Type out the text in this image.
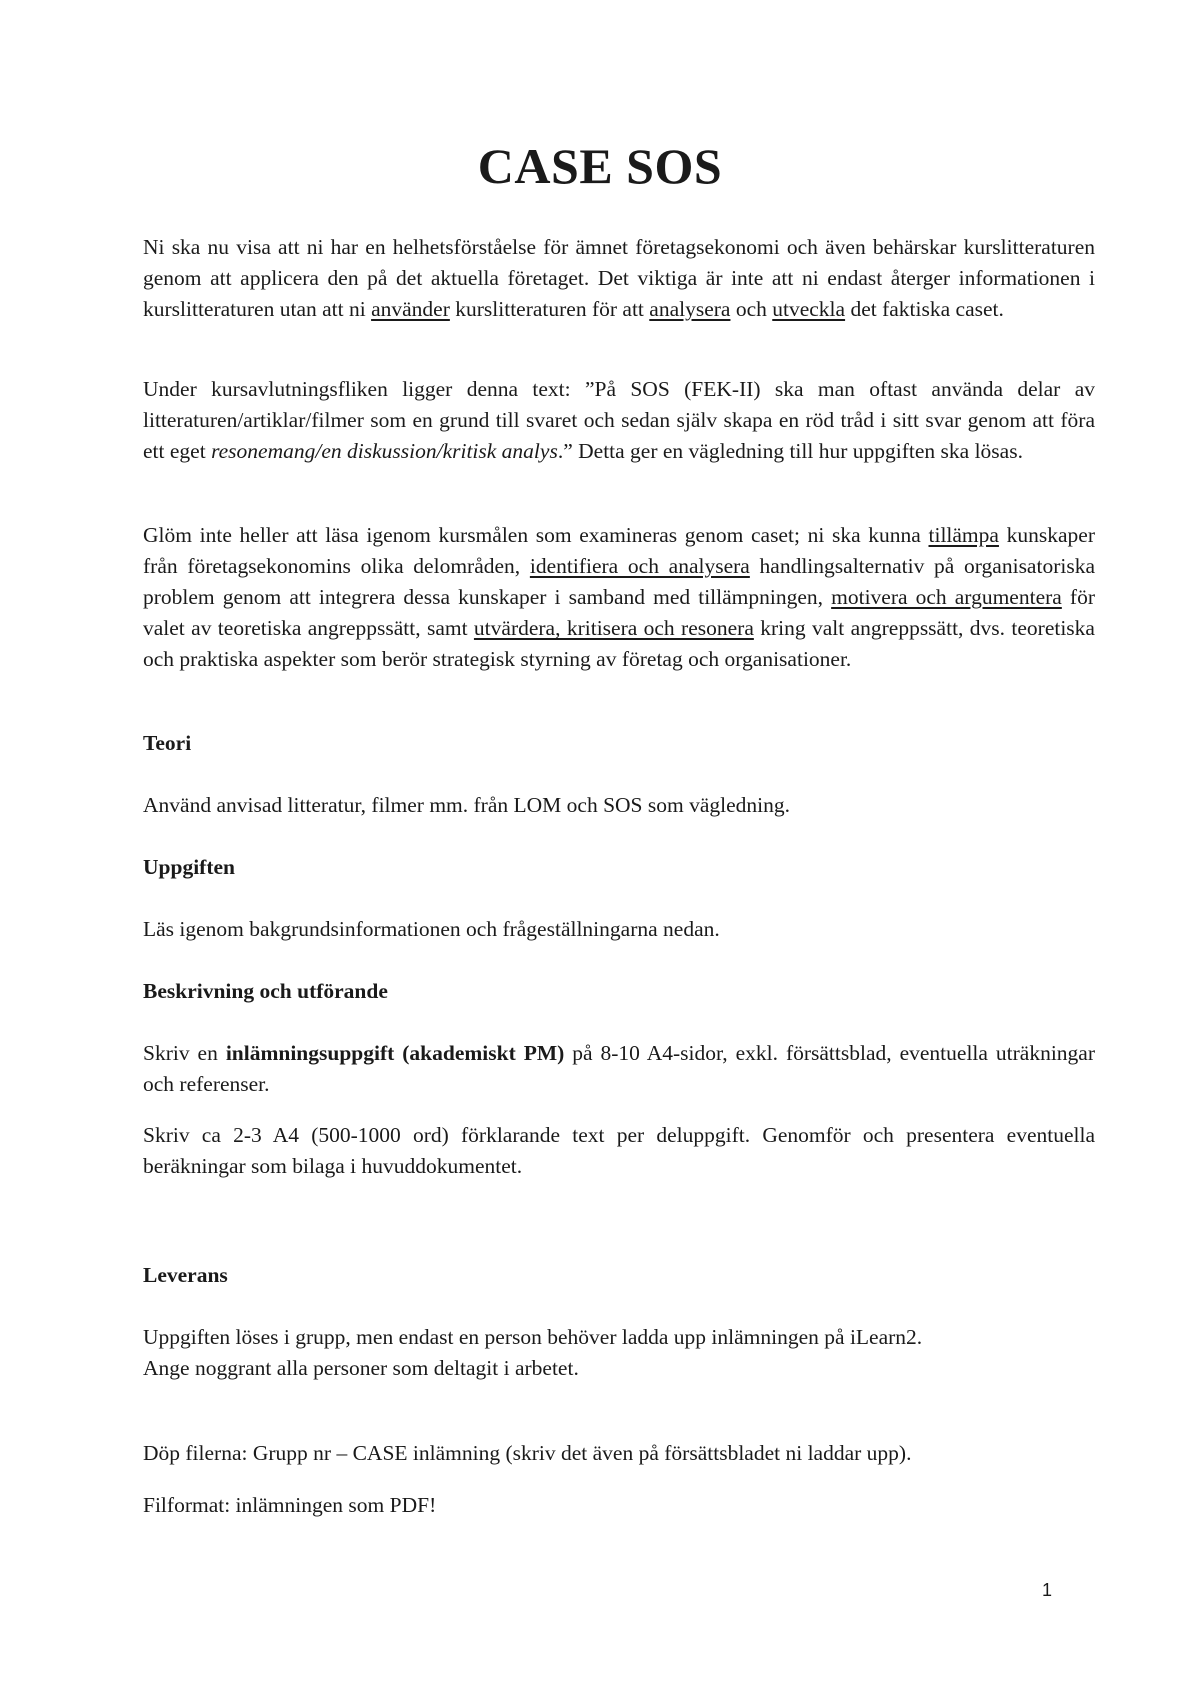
CASE SOS

Ni ska nu visa att ni har en helhetsförståelse för ämnet företagsekonomi och även behärskar kurslitteraturen genom att applicera den på det aktuella företaget. Det viktiga är inte att ni endast återger informationen i kurslitteraturen utan att ni använder kurslitteraturen för att analysera och utveckla det faktiska caset.

Under kursavlutningsfliken ligger denna text: ”På SOS (FEK-II) ska man oftast använda delar av litteraturen/artiklar/filmer som en grund till svaret och sedan själv skapa en röd tråd i sitt svar genom att föra ett eget resonemang/en diskussion/kritisk analys.” Detta ger en vägledning till hur uppgiften ska lösas.

Glöm inte heller att läsa igenom kursmålen som examineras genom caset; ni ska kunna tillämpa kunskaper från företagsekonomins olika delområden, identifiera och analysera handlingsalternativ på organisatoriska problem genom att integrera dessa kunskaper i samband med tillämpningen, motivera och argumentera för valet av teoretiska angreppssätt, samt utvärdera, kritisera och resonera kring valt angreppssätt, dvs. teoretiska och praktiska aspekter som berör strategisk styrning av företag och organisationer.

Teori

Använd anvisad litteratur, filmer mm. från LOM och SOS som vägledning.

Uppgiften

Läs igenom bakgrundsinformationen och frågeställningarna nedan.

Beskrivning och utförande

Skriv en inlämningsuppgift (akademiskt PM) på 8-10 A4-sidor, exkl. försättsblad, eventuella uträkningar och referenser.

Skriv ca 2-3 A4 (500-1000 ord) förklarande text per deluppgift. Genomför och presentera eventuella beräkningar som bilaga i huvuddokumentet.

Leverans

Uppgiften löses i grupp, men endast en person behöver ladda upp inlämningen på iLearn2.

Ange noggrant alla personer som deltagit i arbetet.

Döp filerna: Grupp nr – CASE inlämning (skriv det även på försättsbladet ni laddar upp).

Filformat: inlämningen som PDF!

1
